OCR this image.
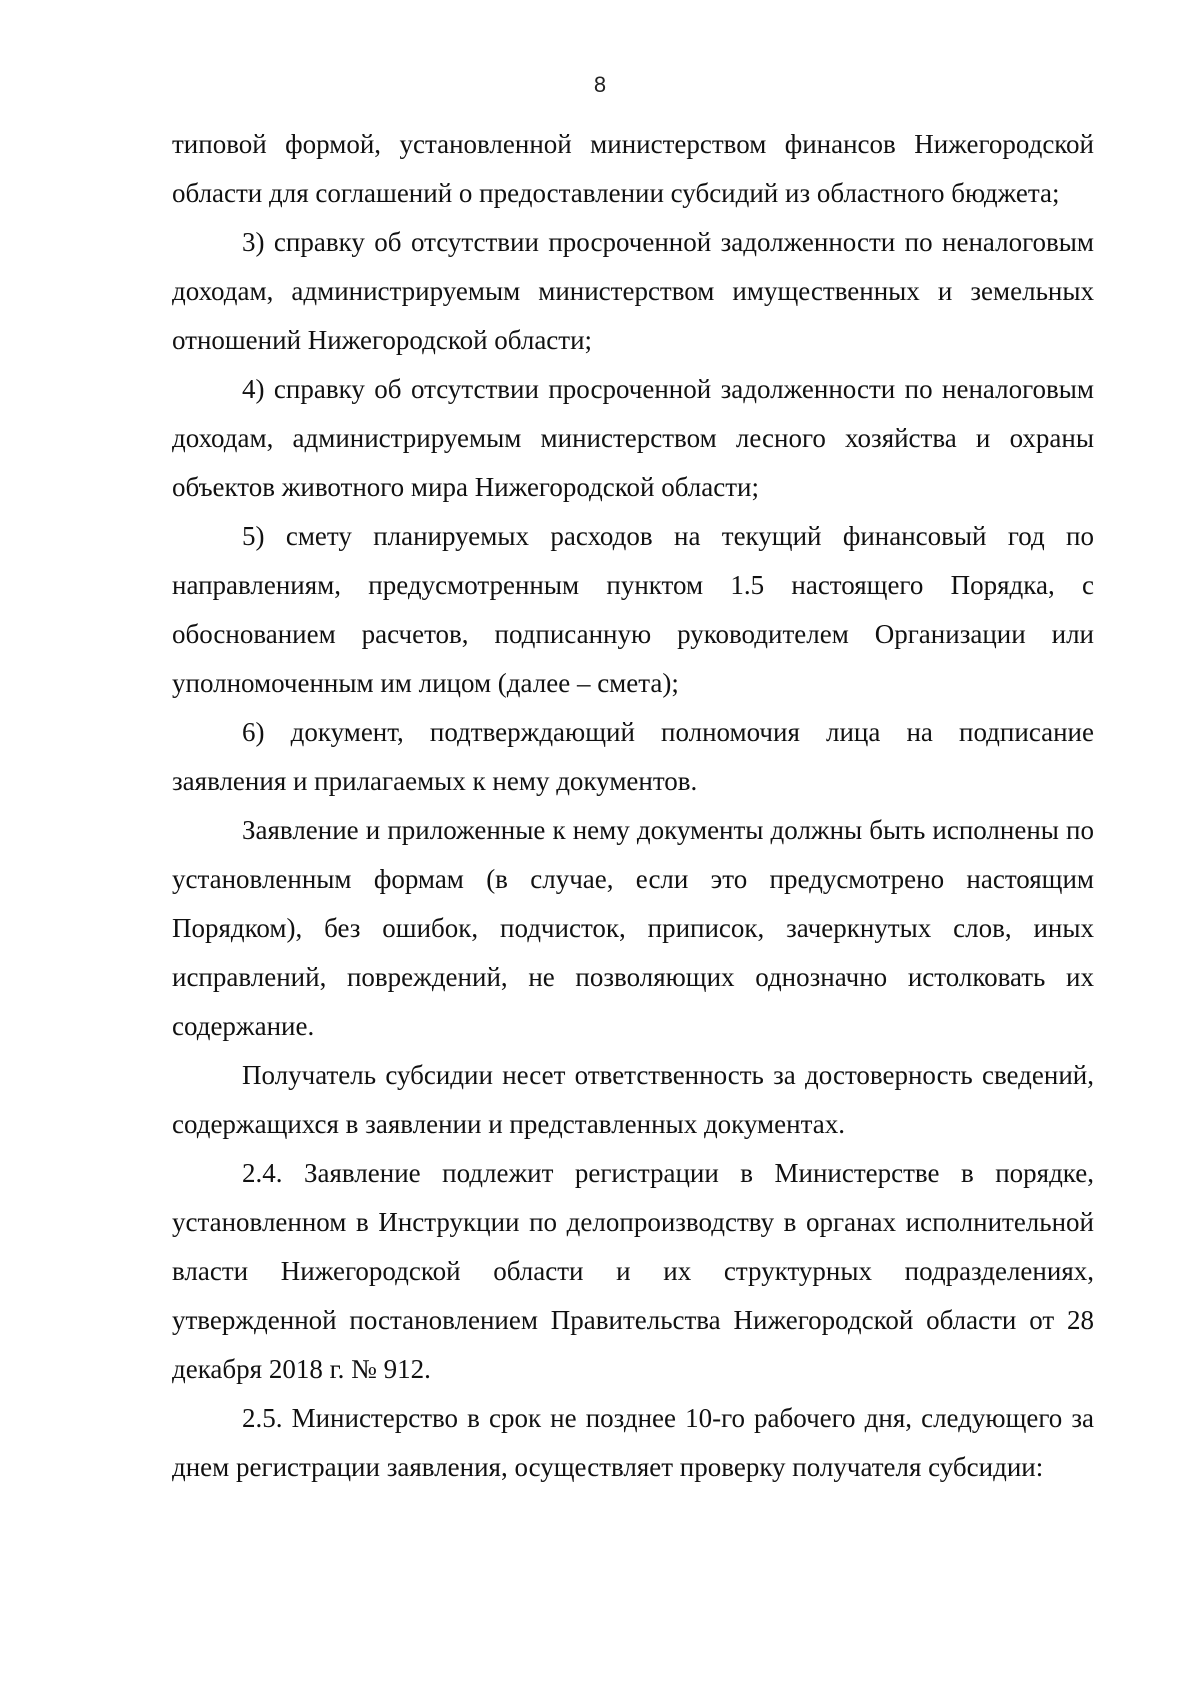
8

типовой формой, установленной министерством финансов Нижегородской области для соглашений о предоставлении субсидий из областного бюджета;

3) справку об отсутствии просроченной задолженности по неналоговым доходам, администрируемым министерством имущественных и земельных отношений Нижегородской области;

4) справку об отсутствии просроченной задолженности по неналоговым доходам, администрируемым министерством лесного хозяйства и охраны объектов животного мира Нижегородской области;

5) смету планируемых расходов на текущий финансовый год по направлениям, предусмотренным пунктом 1.5 настоящего Порядка, с обоснованием расчетов, подписанную руководителем Организации или уполномоченным им лицом (далее – смета);

6) документ, подтверждающий полномочия лица на подписание заявления и прилагаемых к нему документов.

Заявление и приложенные к нему документы должны быть исполнены по установленным формам (в случае, если это предусмотрено настоящим Порядком), без ошибок, подчисток, приписок, зачеркнутых слов, иных исправлений, повреждений, не позволяющих однозначно истолковать их содержание.

Получатель субсидии несет ответственность за достоверность сведений, содержащихся в заявлении и представленных документах.

2.4. Заявление подлежит регистрации в Министерстве в порядке, установленном в Инструкции по делопроизводству в органах исполнительной власти Нижегородской области и их структурных подразделениях, утвержденной постановлением Правительства Нижегородской области от 28 декабря 2018 г. № 912.

2.5. Министерство в срок не позднее 10-го рабочего дня, следующего за днем регистрации заявления, осуществляет проверку получателя субсидии:
